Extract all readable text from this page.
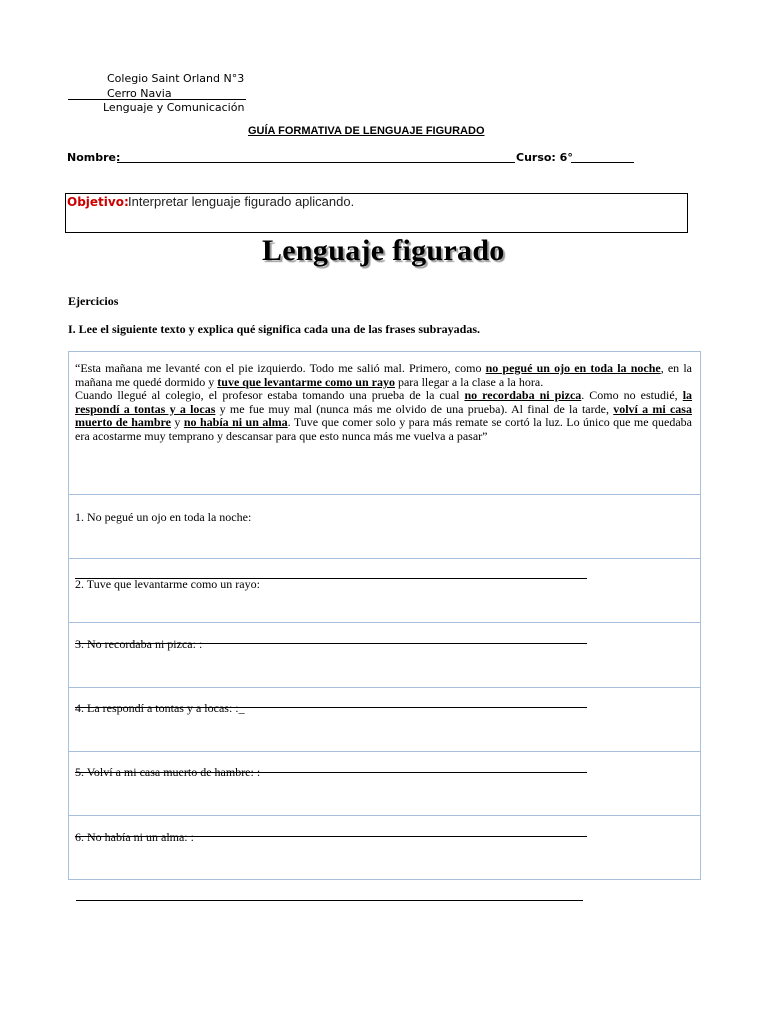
Colegio Saint Orland N°3
Cerro Navia
Lenguaje y Comunicación
GUÍA FORMATIVA DE LENGUAJE FIGURADO
Nombre:	Curso: 6°
Objetivo: Interpretar lenguaje figurado aplicando.
Lenguaje figurado
Ejercicios
I. Lee el siguiente texto y explica qué significa cada una de las frases subrayadas.
“Esta mañana me levanté con el pie izquierdo. Todo me salió mal. Primero, como no pegué un ojo en toda la noche, en la mañana me quedé dormido y tuve que levantarme como un rayo para llegar a la clase a la hora.
Cuando llegué al colegio, el profesor estaba tomando una prueba de la cual no recordaba ni pizca. Como no estudié, la respondí a tontas y a locas y me fue muy mal (nunca más me olvido de una prueba). Al final de la tarde, volví a mi casa muerto de hambre y no había ni un alma. Tuve que comer solo y para más remate se cortó la luz. Lo único que me quedaba era acostarme muy temprano y descansar para que esto nunca más me vuelva a pasar”
1. No pegué un ojo en toda la noche:
2. Tuve que levantarme como un rayo:
3. No recordaba ni pizca: :
4. La respondí a tontas y a locas: :_
5. Volví a mi casa muerto de hambre: :
6. No había ni un alma: :
